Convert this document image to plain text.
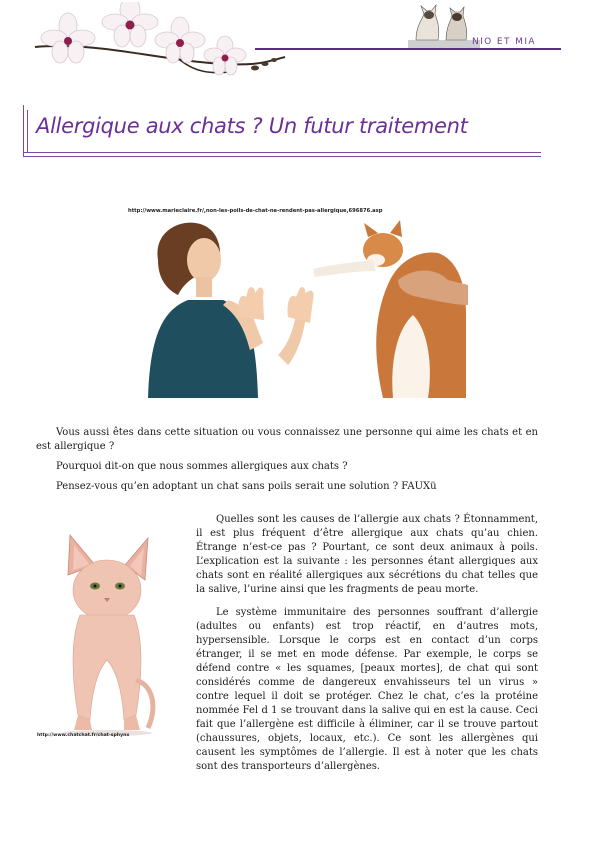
NIO ET MIA
Allergique aux chats ? Un futur traitement
http://www.marieclaire.fr/,non-les-poils-de-chat-ne-rendent-pas-allergique,696876.asp
Vous aussi êtes dans cette situation ou vous connaissez une personne qui aime les chats et en est allergique ?
Pourquoi dit-on que nous sommes allergiques aux chats ?
Pensez-vous qu’en adoptant un chat sans poils serait une solution ? FAUXü
http://www.chatchat.fr/chat-sphynx
Quelles sont les causes de l’allergie aux chats ? Étonnamment, il est plus fréquent d’être allergique aux chats qu’au chien. Étrange n’est-ce pas ? Pourtant, ce sont deux animaux à poils. L’explication est la suivante : les personnes étant allergiques aux chats sont en réalité allergiques aux sécrétions du chat telles que la salive, l’urine ainsi que les fragments de peau morte.
Le système immunitaire des personnes souffrant d’allergie (adultes ou enfants) est trop réactif, en d’autres mots, hypersensible. Lorsque le corps est en contact d’un corps étranger, il se met en mode défense. Par exemple, le corps se défend contre « les squames, [peaux mortes], de chat qui sont considérés comme de dangereux envahisseurs tel un virus » contre lequel il doit se protéger. Chez le chat, c’es la protéine nommée Fel d 1 se trouvant dans la salive qui en est la cause. Ceci fait que l’allergène est difficile à éliminer, car il se trouve partout (chaussures, objets, locaux, etc.). Ce sont les allergènes qui causent les symptômes de l’allergie. Il est à noter que les chats sont des transporteurs d’allergènes.
